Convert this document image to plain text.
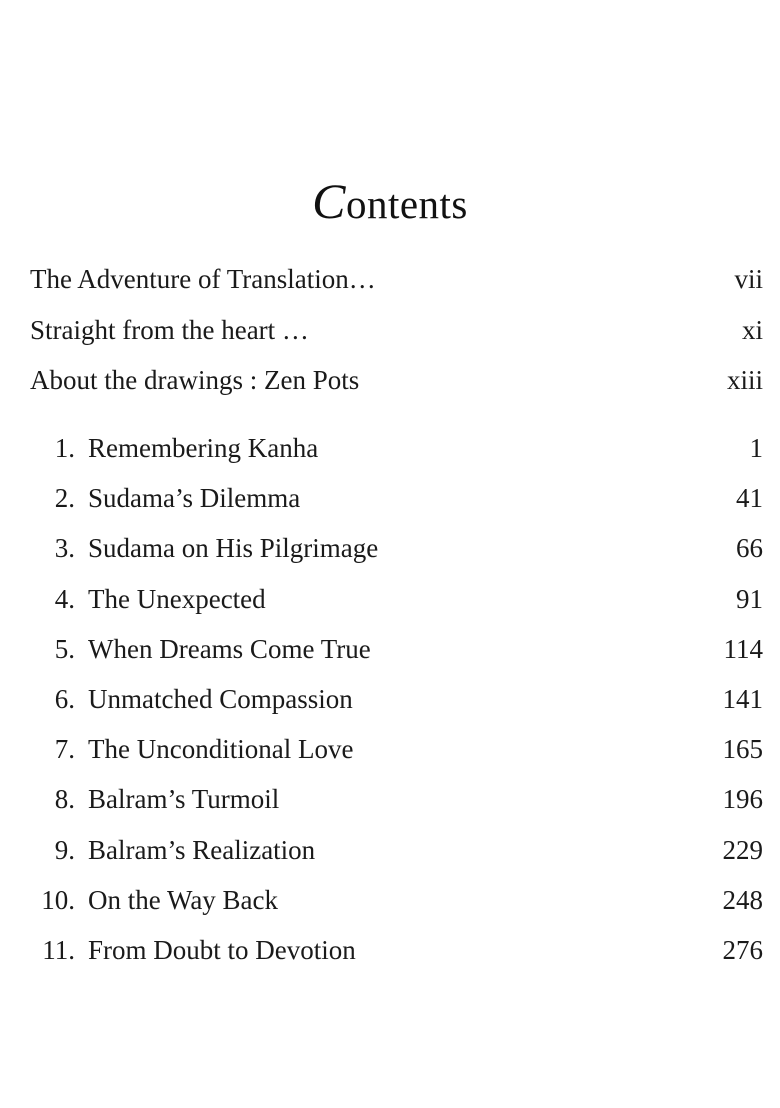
Contents
The Adventure of Translation…	vii
Straight from the heart …	xi
About the drawings : Zen Pots	xiii
1. Remembering Kanha	1
2. Sudama’s Dilemma	41
3. Sudama on His Pilgrimage	66
4. The Unexpected	91
5. When Dreams Come True	114
6. Unmatched Compassion	141
7. The Unconditional Love	165
8. Balram’s Turmoil	196
9. Balram’s Realization	229
10. On the Way Back	248
11. From Doubt to Devotion	276
